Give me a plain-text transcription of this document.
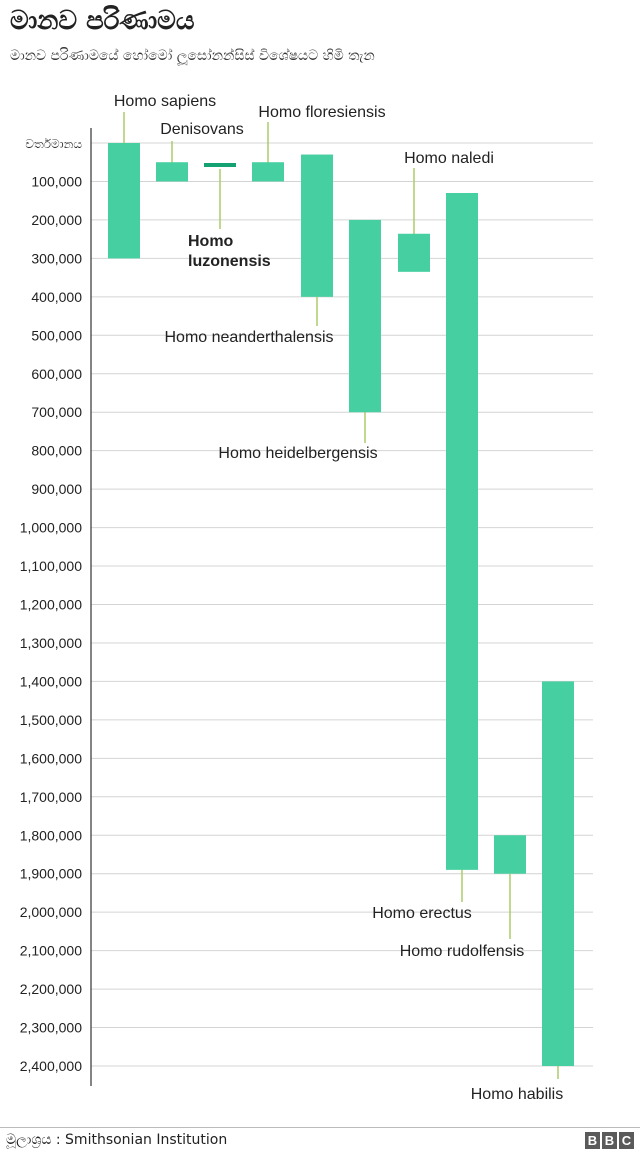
මානව පරිණාමය
මානව පරිණාමයේ හෝමෝ ලූසෝනන්සිස් විශේෂයට හිමි තැන
වර්තමානය
100,000
200,000
300,000
400,000
500,000
600,000
700,000
800,000
900,000
1,000,000
1,100,000
1,200,000
1,300,000
1,400,000
1,500,000
1,600,000
1,700,000
1,800,000
1,900,000
2,000,000
2,100,000
2,200,000
2,300,000
2,400,000
Homo sapiens
Denisovans
Homo luzonensis
Homo floresiensis
Homo neanderthalensis
Homo heidelbergensis
Homo naledi
Homo erectus
Homo rudolfensis
Homo habilis
මූලාශ්‍රය : Smithsonian Institution	B B C
